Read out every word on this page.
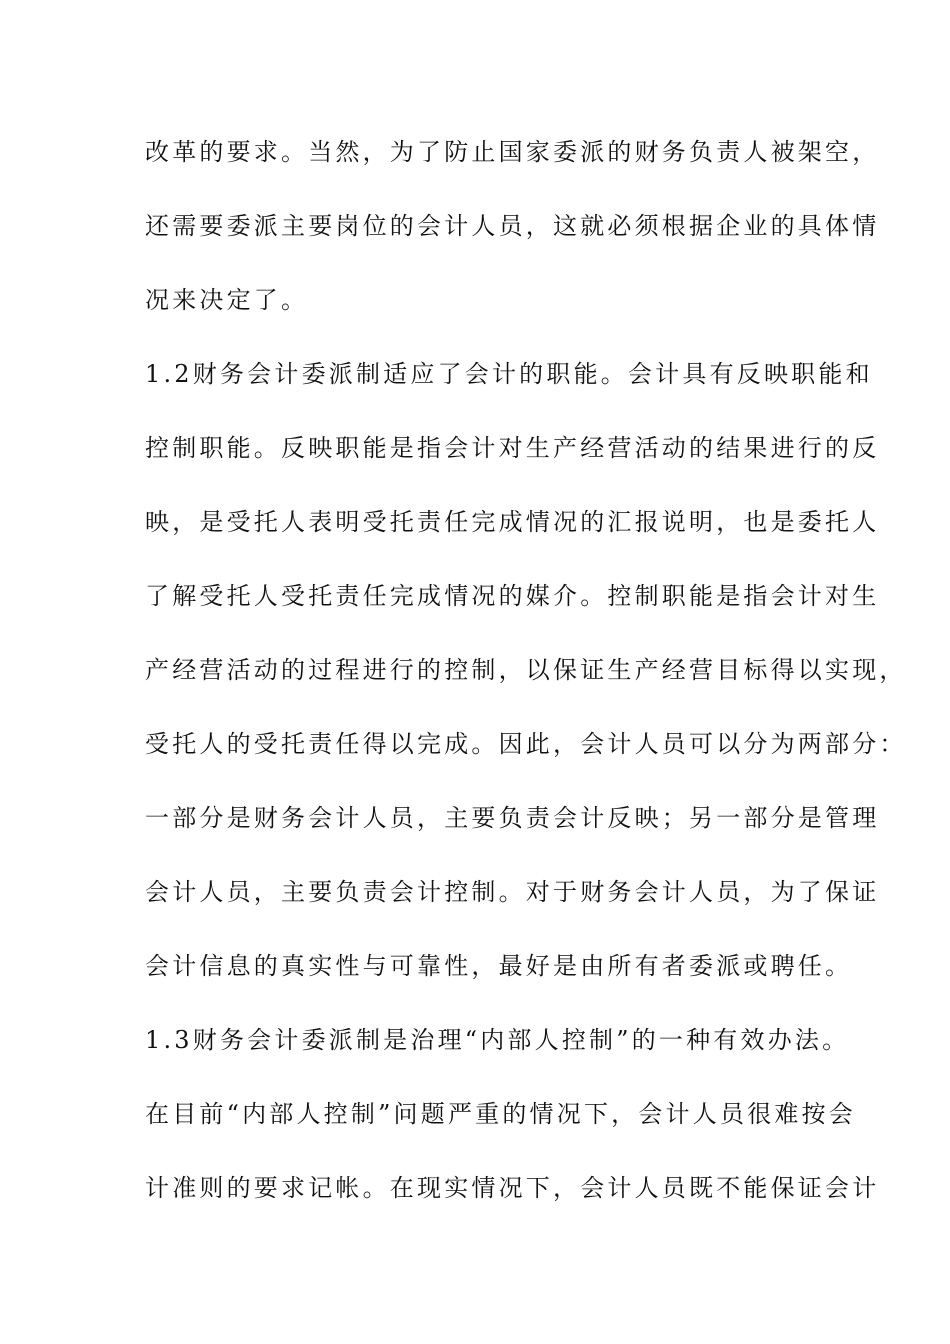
改革的要求。当然，为了防止国家委派的财务负责人被架空，
还需要委派主要岗位的会计人员，这就必须根据企业的具体情
况来决定了。
1.2财务会计委派制适应了会计的职能。会计具有反映职能和
控制职能。反映职能是指会计对生产经营活动的结果进行的反
映，是受托人表明受托责任完成情况的汇报说明，也是委托人
了解受托人受托责任完成情况的媒介。控制职能是指会计对生
产经营活动的过程进行的控制，以保证生产经营目标得以实现，
受托人的受托责任得以完成。因此，会计人员可以分为两部分：
一部分是财务会计人员，主要负责会计反映；另一部分是管理
会计人员，主要负责会计控制。对于财务会计人员，为了保证
会计信息的真实性与可靠性，最好是由所有者委派或聘任。
1.3财务会计委派制是治理“内部人控制”的一种有效办法。
在目前“内部人控制”问题严重的情况下，会计人员很难按会
计准则的要求记帐。在现实情况下，会计人员既不能保证会计
